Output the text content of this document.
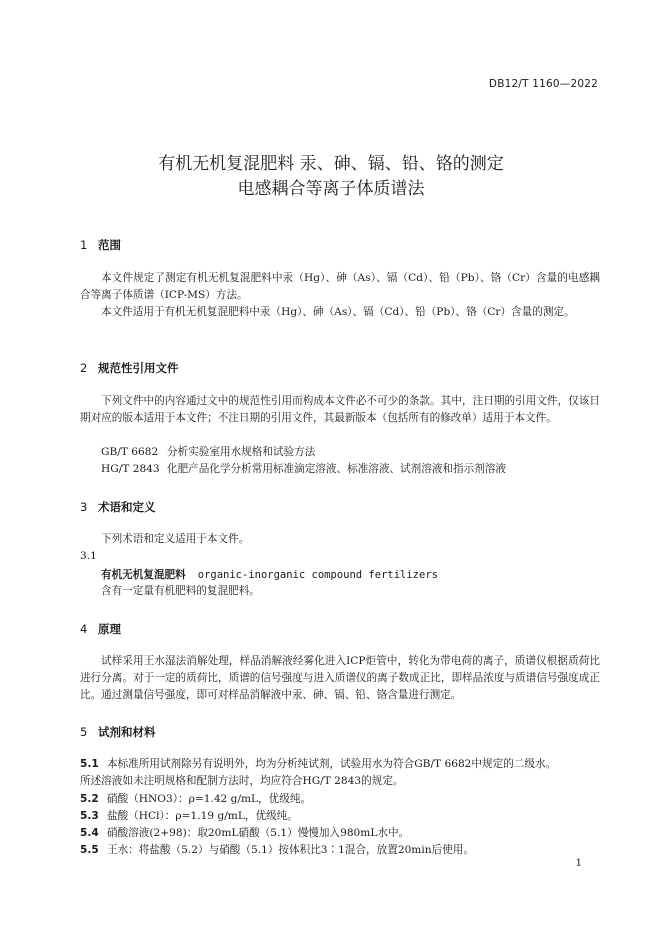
DB12/T 1160—2022
有机无机复混肥料 汞、砷、镉、铅、铬的测定
电感耦合等离子体质谱法
1 范围
本文件规定了测定有机无机复混肥料中汞（Hg）、砷（As）、镉（Cd）、铅（Pb）、铬（Cr）含量的电感耦合等离子体质谱（ICP-MS）方法。
本文件适用于有机无机复混肥料中汞（Hg）、砷（As）、镉（Cd）、铅（Pb）、铬（Cr）含量的测定。
2 规范性引用文件
下列文件中的内容通过文中的规范性引用而构成本文件必不可少的条款。其中，注日期的引用文件，仅该日期对应的版本适用于本文件；不注日期的引用文件，其最新版本（包括所有的修改单）适用于本文件。
GB/T 6682 分析实验室用水规格和试验方法
HG/T 2843 化肥产品化学分析常用标准滴定溶液、标准溶液、试剂溶液和指示剂溶液
3 术语和定义
下列术语和定义适用于本文件。
3.1
有机无机复混肥料 organic-inorganic compound fertilizers
含有一定量有机肥料的复混肥料。
4 原理
试样采用王水湿法消解处理，样品消解液经雾化进入ICP炬管中，转化为带电荷的离子，质谱仪根据质荷比进行分离。对于一定的质荷比，质谱的信号强度与进入质谱仪的离子数成正比，即样品浓度与质谱信号强度成正比。通过测量信号强度，即可对样品消解液中汞、砷、镉、铅、铬含量进行测定。
5 试剂和材料
5.1 本标准所用试剂除另有说明外，均为分析纯试剂，试验用水为符合GB/T 6682中规定的二级水。
所述溶液如未注明规格和配制方法时，均应符合HG/T 2843的规定。
5.2 硝酸（HNO3）：ρ=1.42 g/mL，优级纯。
5.3 盐酸（HCl）：ρ=1.19 g/mL，优级纯。
5.4 硝酸溶液(2+98)：取20mL硝酸（5.1）慢慢加入980mL水中。
5.5 王水：将盐酸（5.2）与硝酸（5.1）按体积比3∶1混合，放置20min后使用。
1
